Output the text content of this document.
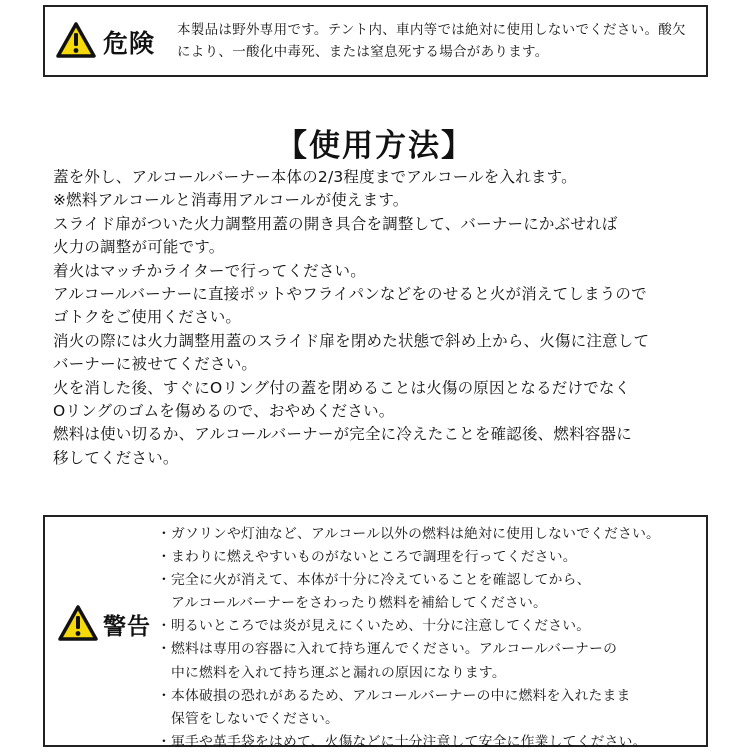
危険 本製品は野外専用です。テント内、車内等では絶対に使用しないでください。酸欠により、一酸化中毒死、または窒息死する場合があります。
【使用方法】
蓋を外し、アルコールバーナー本体の2/3程度までアルコールを入れます。
※燃料アルコールと消毒用アルコールが使えます。
スライド扉がついた火力調整用蓋の開き具合を調整して、バーナーにかぶせれば
火力の調整が可能です。
着火はマッチかライターで行ってください。
アルコールバーナーに直接ポットやフライパンなどをのせると火が消えてしまうので
ゴトクをご使用ください。
消火の際には火力調整用蓋のスライド扉を閉めた状態で斜め上から、火傷に注意して
バーナーに被せてください。
火を消した後、すぐにOリング付の蓋を閉めることは火傷の原因となるだけでなく
Oリングのゴムを傷めるので、おやめください。
燃料は使い切るか、アルコールバーナーが完全に冷えたことを確認後、燃料容器に
移してください。
警告
・ガソリンや灯油など、アルコール以外の燃料は絶対に使用しないでください。
・まわりに燃えやすいものがないところで調理を行ってください。
・完全に火が消えて、本体が十分に冷えていることを確認してから、
　アルコールバーナーをさわったり燃料を補給してください。
・明るいところでは炎が見えにくいため、十分に注意してください。
・燃料は専用の容器に入れて持ち運んでください。アルコールバーナーの
　中に燃料を入れて持ち運ぶと漏れの原因になります。
・本体破損の恐れがあるため、アルコールバーナーの中に燃料を入れたまま
　保管をしないでください。
・軍手や革手袋をはめて、火傷などに十分注意して安全に作業してください。
